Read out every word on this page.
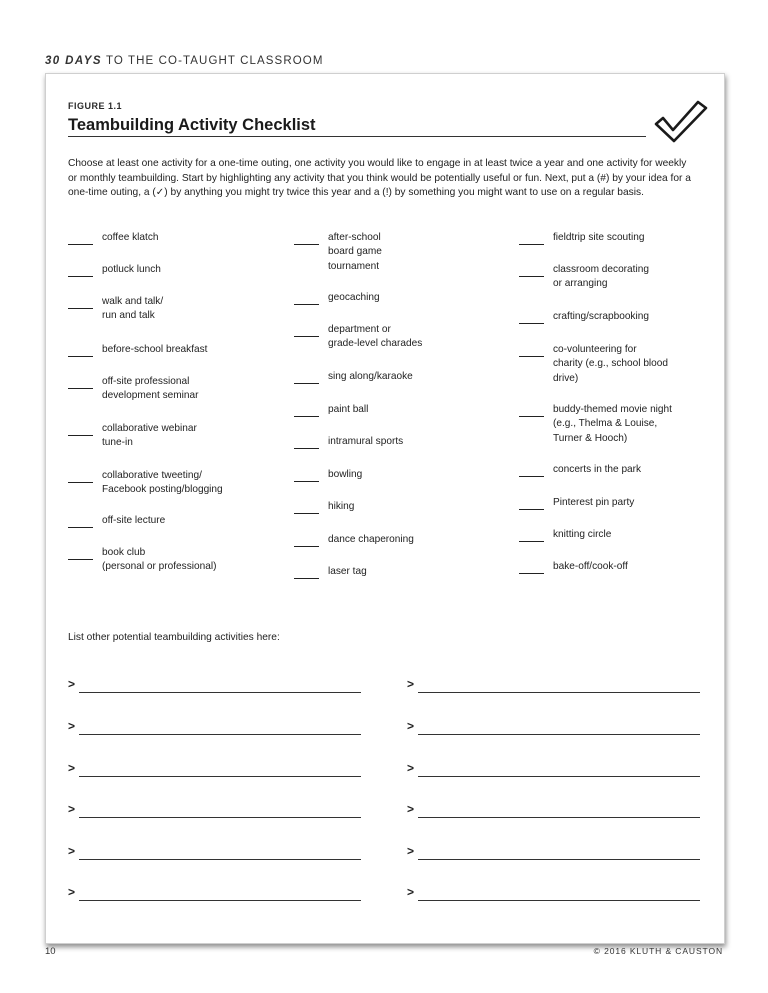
30 DAYS TO THE CO-TAUGHT CLASSROOM
FIGURE 1.1
Teambuilding Activity Checklist
Choose at least one activity for a one-time outing, one activity you would like to engage in at least twice a year and one activity for weekly or monthly teambuilding. Start by highlighting any activity that you think would be potentially useful or fun. Next, put a (#) by your idea for a one-time outing, a (✓) by anything you might try twice this year and a (!) by something you might want to use on a regular basis.
coffee klatch
potluck lunch
walk and talk/
run and talk
before-school breakfast
off-site professional
development seminar
collaborative webinar
tune-in
collaborative tweeting/
Facebook posting/blogging
off-site lecture
book club
(personal or professional)
after-school
board game
tournament
geocaching
department or
grade-level charades
sing along/karaoke
paint ball
intramural sports
bowling
hiking
dance chaperoning
laser tag
fieldtrip site scouting
classroom decorating
or arranging
crafting/scrapbooking
co-volunteering for
charity (e.g., school blood
drive)
buddy-themed movie night
(e.g., Thelma & Louise,
Turner & Hooch)
concerts in the park
Pinterest pin party
knitting circle
bake-off/cook-off
List other potential teambuilding activities here:
>	>
>	>
>	>
>	>
>	>
>	>
10	© 2016 KLUTH & CAUSTON
